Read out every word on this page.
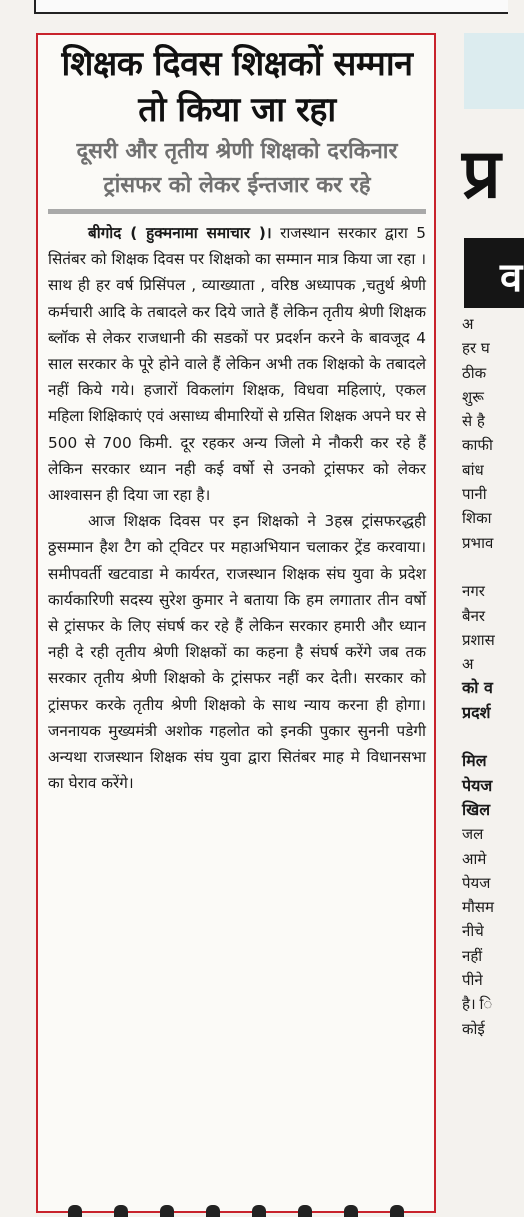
शिक्षक दिवस शिक्षकों सम्मान तो किया जा रहा
दूसरी और तृतीय श्रेणी शिक्षको दरकिनार ट्रांसफर को लेकर ईन्तजार कर रहे

बीगोद ( हुक्मनामा समाचार )। राजस्थान सरकार द्वारा 5 सितंबर को शिक्षक दिवस पर शिक्षको का सम्मान मात्र किया जा रहा । साथ ही हर वर्ष प्रिसिंपल , व्याख्याता , वरिष्ठ अध्यापक ,चतुर्थ श्रेणी कर्मचारी आदि के तबादले कर दिये जाते हैं लेकिन तृतीय श्रेणी शिक्षक ब्लॉक से लेकर राजधानी की सडकों पर प्रदर्शन करने के बावजूद 4 साल सरकार के पूरे होने वाले हैं लेकिन अभी तक शिक्षको के तबादले नहीं किये गये। हजारों विकलांग शिक्षक, विधवा महिलाएं, एकल महिला शिक्षिकाएं एवं असाध्य बीमारियों से ग्रसित शिक्षक अपने घर से 500 से 700 किमी. दूर रहकर अन्य जिलो मे नौकरी कर रहे हैं लेकिन सरकार ध्यान नही कई वर्षो से उनको ट्रांसफर को लेकर आश्वासन ही दिया जा रहा है।

आज शिक्षक दिवस पर इन शिक्षको ने 3हस्र ट्रांसफरद्धही ठ्ठसम्मान हैश टैग को ट्विटर पर महाअभियान चलाकर ट्रेंड करवाया। समीपवर्ती खटवाडा मे कार्यरत, राजस्थान शिक्षक संघ युवा के प्रदेश कार्यकारिणी सदस्य सुरेश कुमार ने बताया कि हम लगातार तीन वर्षो से ट्रांसफर के लिए संघर्ष कर रहे हैं लेकिन सरकार हमारी और ध्यान नही दे रही तृतीय श्रेणी शिक्षकों का कहना है संघर्ष करेंगे जब तक सरकार तृतीय श्रेणी शिक्षको के ट्रांसफर नहीं कर देती। सरकार को ट्रांसफर करके तृतीय श्रेणी शिक्षको के साथ न्याय करना ही होगा। जननायक मुख्यमंत्री अशोक गहलोत को इनकी पुकार सुननी पडेगी अन्यथा राजस्थान शिक्षक संघ युवा द्वारा सितंबर माह मे विधानसभा का घेराव करेंगे।

प्र
व
अ
हर घ
ठीक
शुरू
से है
काफी
बांध
पानी
शिका
प्रभाव
नगर
बैनर
प्रशास
अ
को व
प्रदर्श
मिल
पेयज
खिल
जल
आमे
पेयज
मौसम
नीचे
नहीं
पीने
है। ि
कोई
